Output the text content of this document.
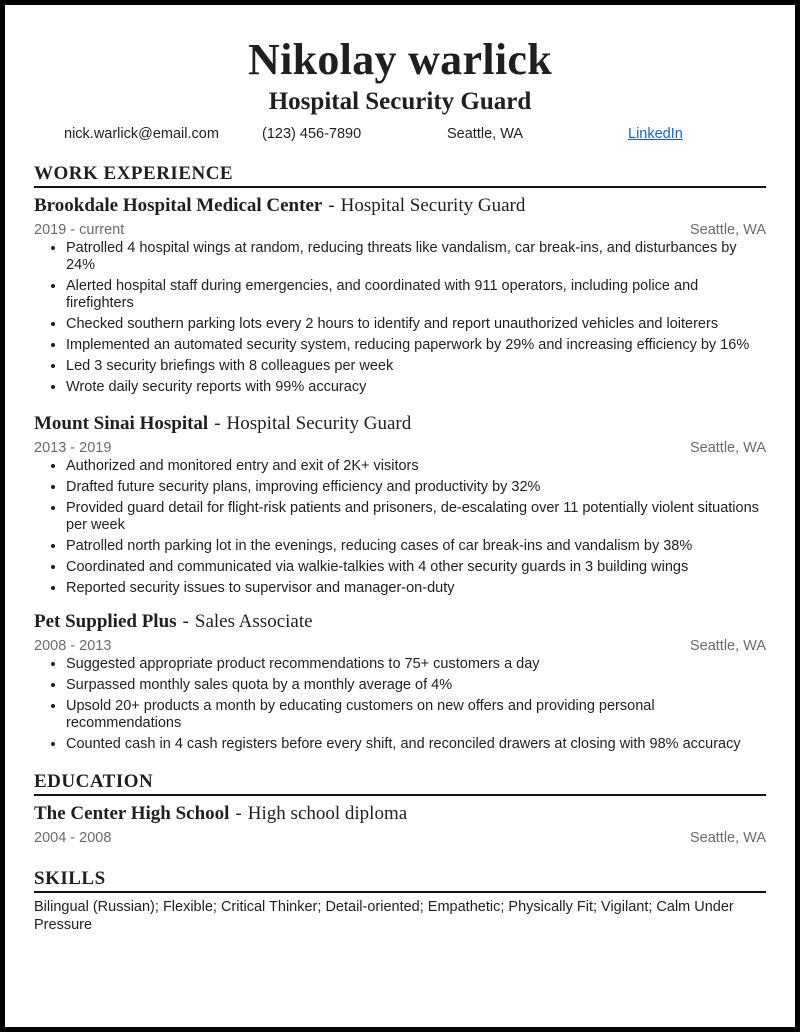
Nikolay warlick
Hospital Security Guard
nick.warlick@email.com	(123) 456-7890	Seattle, WA	LinkedIn
WORK EXPERIENCE
Brookdale Hospital Medical Center - Hospital Security Guard
2019 - current	Seattle, WA
• Patrolled 4 hospital wings at random, reducing threats like vandalism, car break-ins, and disturbances by 24%
• Alerted hospital staff during emergencies, and coordinated with 911 operators, including police and firefighters
• Checked southern parking lots every 2 hours to identify and report unauthorized vehicles and loiterers
• Implemented an automated security system, reducing paperwork by 29% and increasing efficiency by 16%
• Led 3 security briefings with 8 colleagues per week
• Wrote daily security reports with 99% accuracy
Mount Sinai Hospital - Hospital Security Guard
2013 - 2019	Seattle, WA
• Authorized and monitored entry and exit of 2K+ visitors
• Drafted future security plans, improving efficiency and productivity by 32%
• Provided guard detail for flight-risk patients and prisoners, de-escalating over 11 potentially violent situations per week
• Patrolled north parking lot in the evenings, reducing cases of car break-ins and vandalism by 38%
• Coordinated and communicated via walkie-talkies with 4 other security guards in 3 building wings
• Reported security issues to supervisor and manager-on-duty
Pet Supplied Plus - Sales Associate
2008 - 2013	Seattle, WA
• Suggested appropriate product recommendations to 75+ customers a day
• Surpassed monthly sales quota by a monthly average of 4%
• Upsold 20+ products a month by educating customers on new offers and providing personal recommendations
• Counted cash in 4 cash registers before every shift, and reconciled drawers at closing with 98% accuracy
EDUCATION
The Center High School - High school diploma
2004 - 2008	Seattle, WA
SKILLS
Bilingual (Russian); Flexible; Critical Thinker; Detail-oriented; Empathetic; Physically Fit; Vigilant; Calm Under Pressure
